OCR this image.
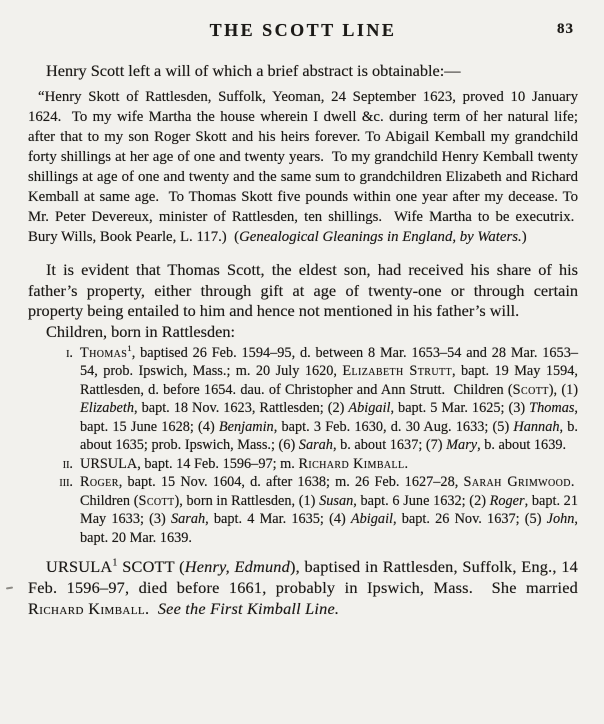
THE SCOTT LINE	83

Henry Scott left a will of which a brief abstract is obtainable:—

“Henry Skott of Rattlesden, Suffolk, Yeoman, 24 September 1623, proved 10 January 1624.  To my wife Martha the house wherein I dwell &c. during term of her natural life; after that to my son Roger Skott and his heirs forever. To Abigail Kemball my grandchild forty shillings at her age of one and twenty years.  To my grandchild Henry Kemball twenty shillings at age of one and twenty and the same sum to grandchildren Elizabeth and Richard Kemball at same age.  To Thomas Skott five pounds within one year after my decease. To Mr. Peter Devereux, minister of Rattlesden, ten shillings.  Wife Martha to be executrix.  Bury Wills, Book Pearle, L. 117.)  (Genealogical Gleanings in England, by Waters.)

It is evident that Thomas Scott, the eldest son, had received his share of his father’s property, either through gift at age of twenty-one or through certain property being entailed to him and hence not mentioned in his father’s will.

Children, born in Rattlesden:

i. Thomas$^1$, baptised 26 Feb. 1594–95, d. between 8 Mar. 1653–54 and 28 Mar. 1653–54, prob. Ipswich, Mass.; m. 20 July 1620, Elizabeth Strutt, bapt. 19 May 1594, Rattlesden, d. before 1654. dau. of Christopher and Ann Strutt.  Children (Scott), (1) Elizabeth, bapt. 18 Nov. 1623, Rattlesden; (2) Abigail, bapt. 5 Mar. 1625; (3) Thomas, bapt. 15 June 1628; (4) Benjamin, bapt. 3 Feb. 1630, d. 30 Aug. 1633; (5) Hannah, b. about 1635; prob. Ipswich, Mass.; (6) Sarah, b. about 1637; (7) Mary, b. about 1639.
ii. URSULA, bapt. 14 Feb. 1596–97; m. Richard Kimball.
iii. Roger, bapt. 15 Nov. 1604, d. after 1638; m. 26 Feb. 1627–28, Sarah Grimwood.  Children (Scott), born in Rattlesden, (1) Susan, bapt. 6 June 1632; (2) Roger, bapt. 21 May 1633; (3) Sarah, bapt. 4 Mar. 1635; (4) Abigail, bapt. 26 Nov. 1637; (5) John, bapt. 20 Mar. 1639.

URSULA$^1$ SCOTT (Henry, Edmund), baptised in Rattlesden, Suffolk, Eng., 14 Feb. 1596–97, died before 1661, probably in Ipswich, Mass.  She married Richard Kimball.  See the First Kimball Line.
